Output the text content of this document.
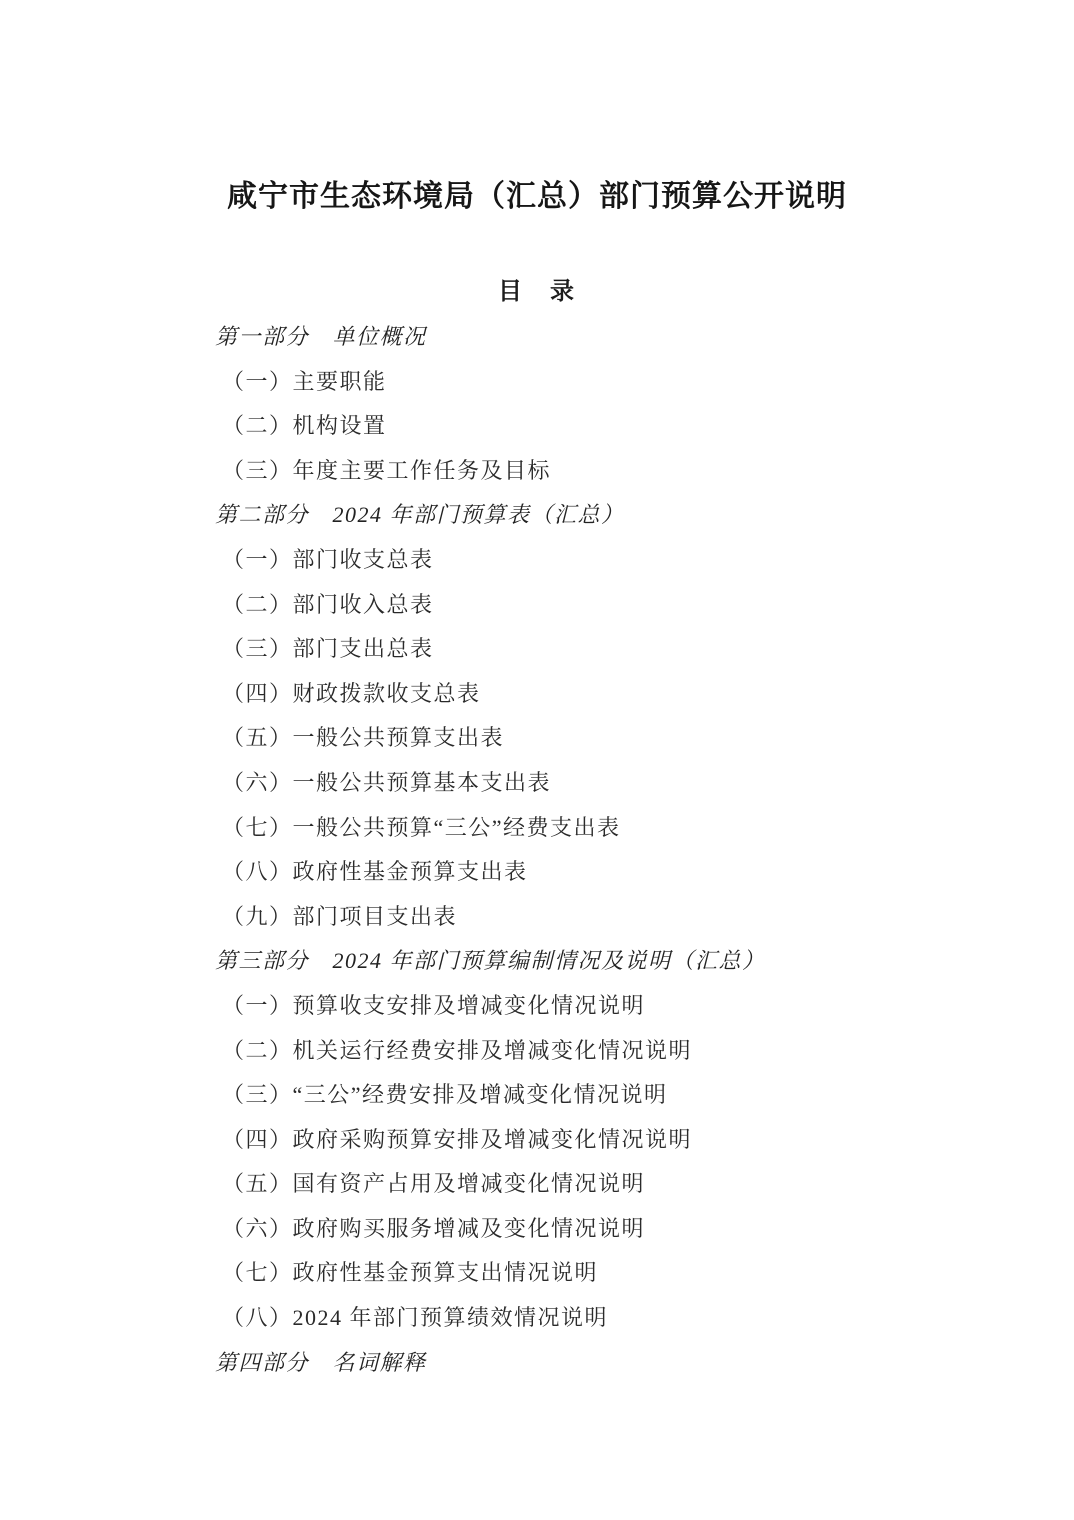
咸宁市生态环境局（汇总）部门预算公开说明
目　录
第一部分　单位概况
（一）主要职能
（二）机构设置
（三）年度主要工作任务及目标
第二部分　2024 年部门预算表（汇总）
（一）部门收支总表
（二）部门收入总表
（三）部门支出总表
（四）财政拨款收支总表
（五）一般公共预算支出表
（六）一般公共预算基本支出表
（七）一般公共预算“三公”经费支出表
（八）政府性基金预算支出表
（九）部门项目支出表
第三部分　2024 年部门预算编制情况及说明（汇总）
（一）预算收支安排及增减变化情况说明
（二）机关运行经费安排及增减变化情况说明
（三）“三公”经费安排及增减变化情况说明
（四）政府采购预算安排及增减变化情况说明
（五）国有资产占用及增减变化情况说明
（六）政府购买服务增减及变化情况说明
（七）政府性基金预算支出情况说明
（八）2024 年部门预算绩效情况说明
第四部分　名词解释
